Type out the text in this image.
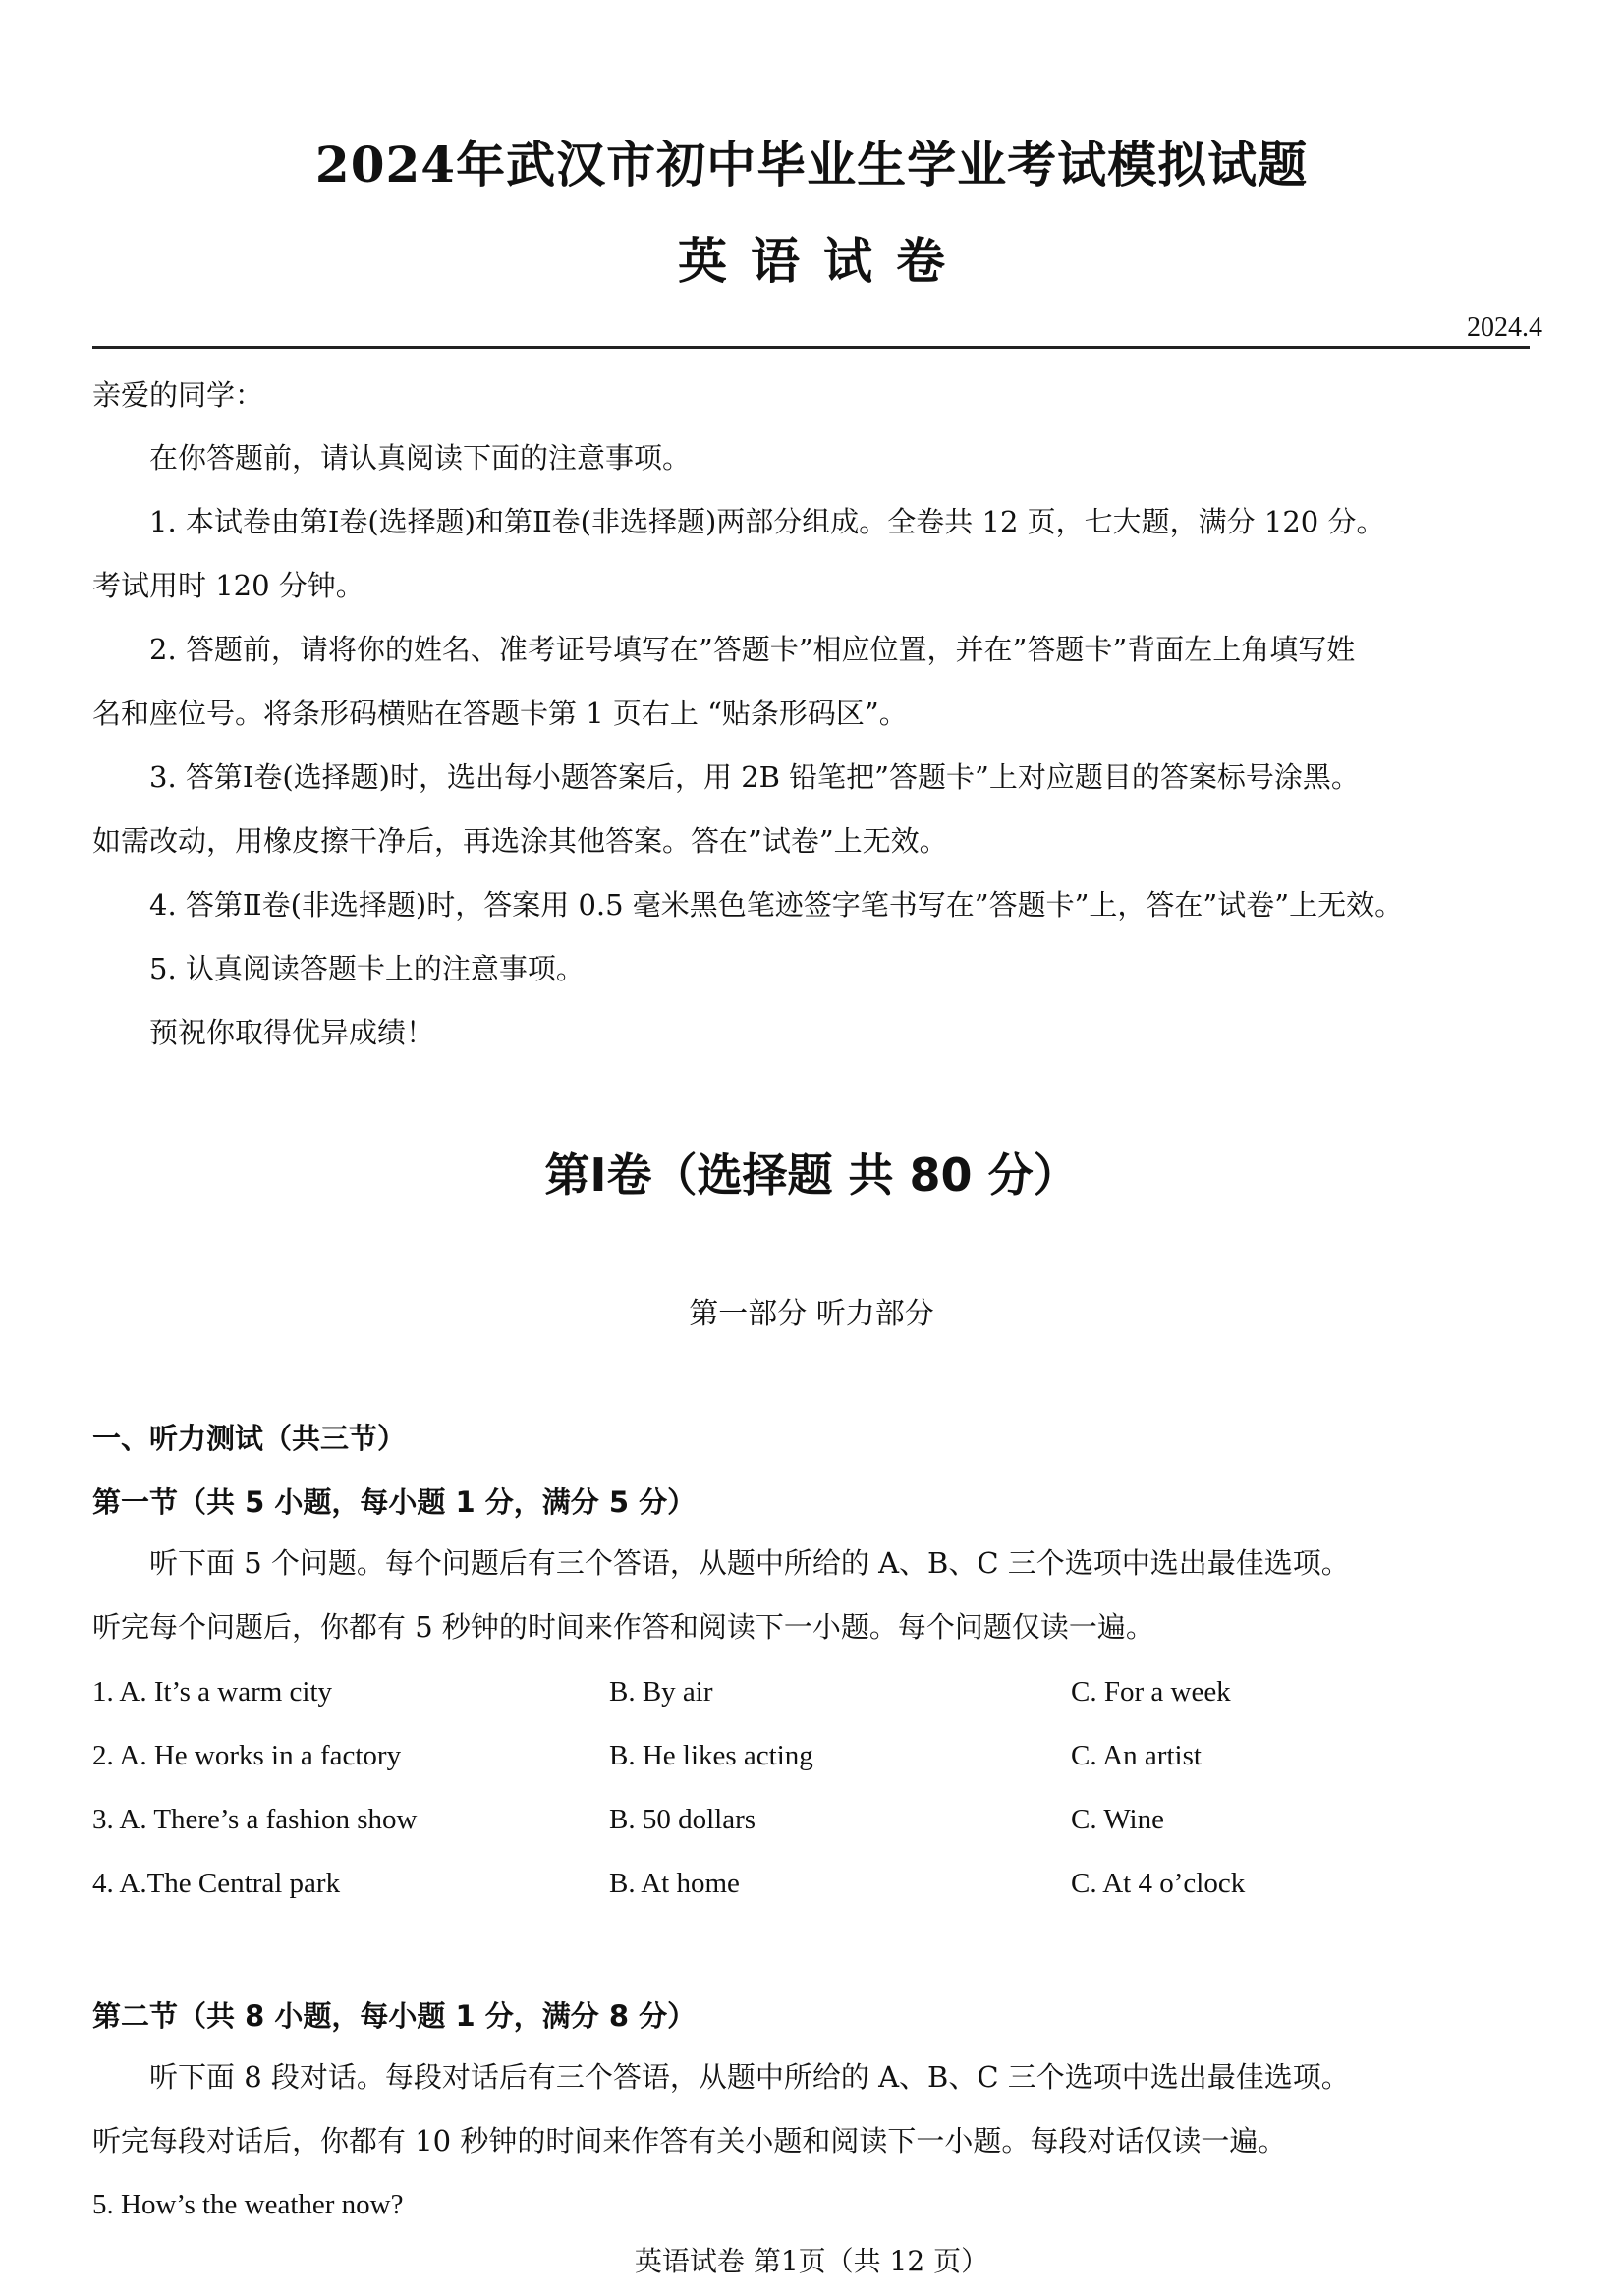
2024年武汉市初中毕业生学业考试模拟试题
英语试卷
2024.4
亲爱的同学：
在你答题前，请认真阅读下面的注意事项。
1. 本试卷由第Ⅰ卷(选择题)和第Ⅱ卷(非选择题)两部分组成。全卷共 12 页，七大题，满分 120 分。
考试用时 120 分钟。
2. 答题前，请将你的姓名、准考证号填写在”答题卡”相应位置，并在”答题卡”背面左上角填写姓
名和座位号。将条形码横贴在答题卡第 1 页右上 “贴条形码区”。
3. 答第Ⅰ卷(选择题)时，选出每小题答案后，用 2B 铅笔把”答题卡”上对应题目的答案标号涂黑。
如需改动，用橡皮擦干净后，再选涂其他答案。答在”试卷”上无效。
4. 答第Ⅱ卷(非选择题)时，答案用 0.5 毫米黑色笔迹签字笔书写在”答题卡”上，答在”试卷”上无效。
5. 认真阅读答题卡上的注意事项。
预祝你取得优异成绩！
第Ⅰ卷（选择题 共 80 分）
第一部分 听力部分
一、听力测试（共三节）
第一节（共 5 小题，每小题 1 分，满分 5 分）
听下面 5 个问题。每个问题后有三个答语，从题中所给的 A、B、C 三个选项中选出最佳选项。
听完每个问题后，你都有 5 秒钟的时间来作答和阅读下一小题。每个问题仅读一遍。
1. A. It’s a warm city	B. By air	C. For a week
2. A. He works in a factory	B. He likes acting	C. An artist
3. A. There’s a fashion show	B. 50 dollars	C. Wine
4. A.The Central park	B. At home	C. At 4 o’clock
第二节（共 8 小题，每小题 1 分，满分 8 分）
听下面 8 段对话。每段对话后有三个答语，从题中所给的 A、B、C 三个选项中选出最佳选项。
听完每段对话后，你都有 10 秒钟的时间来作答有关小题和阅读下一小题。每段对话仅读一遍。
5. How’s the weather now?
英语试卷 第1页（共 12 页）
